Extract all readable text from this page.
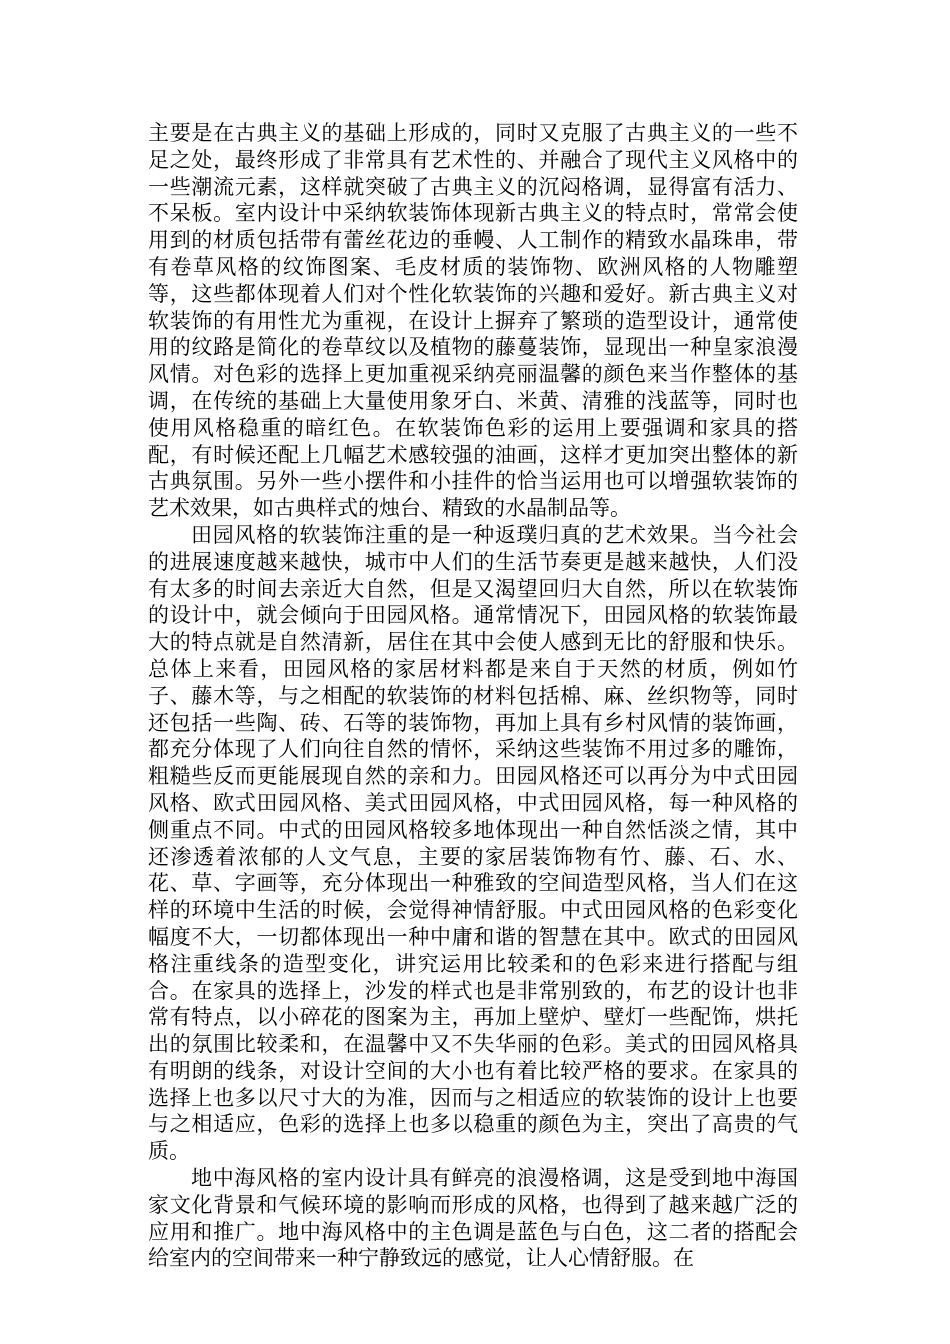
主要是在古典主义的基础上形成的，同时又克服了古典主义的一些不足之处，最终形成了非常具有艺术性的、并融合了现代主义风格中的一些潮流元素，这样就突破了古典主义的沉闷格调，显得富有活力、不呆板。室内设计中采纳软装饰体现新古典主义的特点时，常常会使用到的材质包括带有蕾丝花边的垂幔、人工制作的精致水晶珠串，带有卷草风格的纹饰图案、毛皮材质的装饰物、欧洲风格的人物雕塑等，这些都体现着人们对个性化软装饰的兴趣和爱好。新古典主义对软装饰的有用性尤为重视，在设计上摒弃了繁琐的造型设计，通常使用的纹路是简化的卷草纹以及植物的藤蔓装饰，显现出一种皇家浪漫风情。对色彩的选择上更加重视采纳亮丽温馨的颜色来当作整体的基调，在传统的基础上大量使用象牙白、米黄、清雅的浅蓝等，同时也使用风格稳重的暗红色。在软装饰色彩的运用上要强调和家具的搭配，有时候还配上几幅艺术感较强的油画，这样才更加突出整体的新古典氛围。另外一些小摆件和小挂件的恰当运用也可以增强软装饰的艺术效果，如古典样式的烛台、精致的水晶制品等。

田园风格的软装饰注重的是一种返璞归真的艺术效果。当今社会的进展速度越来越快，城市中人们的生活节奏更是越来越快，人们没有太多的时间去亲近大自然，但是又渴望回归大自然，所以在软装饰的设计中，就会倾向于田园风格。通常情况下，田园风格的软装饰最大的特点就是自然清新，居住在其中会使人感到无比的舒服和快乐。总体上来看，田园风格的家居材料都是来自于天然的材质，例如竹子、藤木等，与之相配的软装饰的材料包括棉、麻、丝织物等，同时还包括一些陶、砖、石等的装饰物，再加上具有乡村风情的装饰画，都充分体现了人们向往自然的情怀，采纳这些装饰不用过多的雕饰，粗糙些反而更能展现自然的亲和力。田园风格还可以再分为中式田园风格、欧式田园风格、美式田园风格，中式田园风格，每一种风格的侧重点不同。中式的田园风格较多地体现出一种自然恬淡之情，其中还渗透着浓郁的人文气息，主要的家居装饰物有竹、藤、石、水、花、草、字画等，充分体现出一种雅致的空间造型风格，当人们在这样的环境中生活的时候，会觉得神情舒服。中式田园风格的色彩变化幅度不大，一切都体现出一种中庸和谐的智慧在其中。欧式的田园风格注重线条的造型变化，讲究运用比较柔和的色彩来进行搭配与组合。在家具的选择上，沙发的样式也是非常别致的，布艺的设计也非常有特点，以小碎花的图案为主，再加上壁炉、壁灯一些配饰，烘托出的氛围比较柔和，在温馨中又不失华丽的色彩。美式的田园风格具有明朗的线条，对设计空间的大小也有着比较严格的要求。在家具的选择上也多以尺寸大的为准，因而与之相适应的软装饰的设计上也要与之相适应，色彩的选择上也多以稳重的颜色为主，突出了高贵的气质。

地中海风格的室内设计具有鲜亮的浪漫格调，这是受到地中海国家文化背景和气候环境的影响而形成的风格，也得到了越来越广泛的应用和推广。地中海风格中的主色调是蓝色与白色，这二者的搭配会给室内的空间带来一种宁静致远的感觉，让人心情舒服。在
